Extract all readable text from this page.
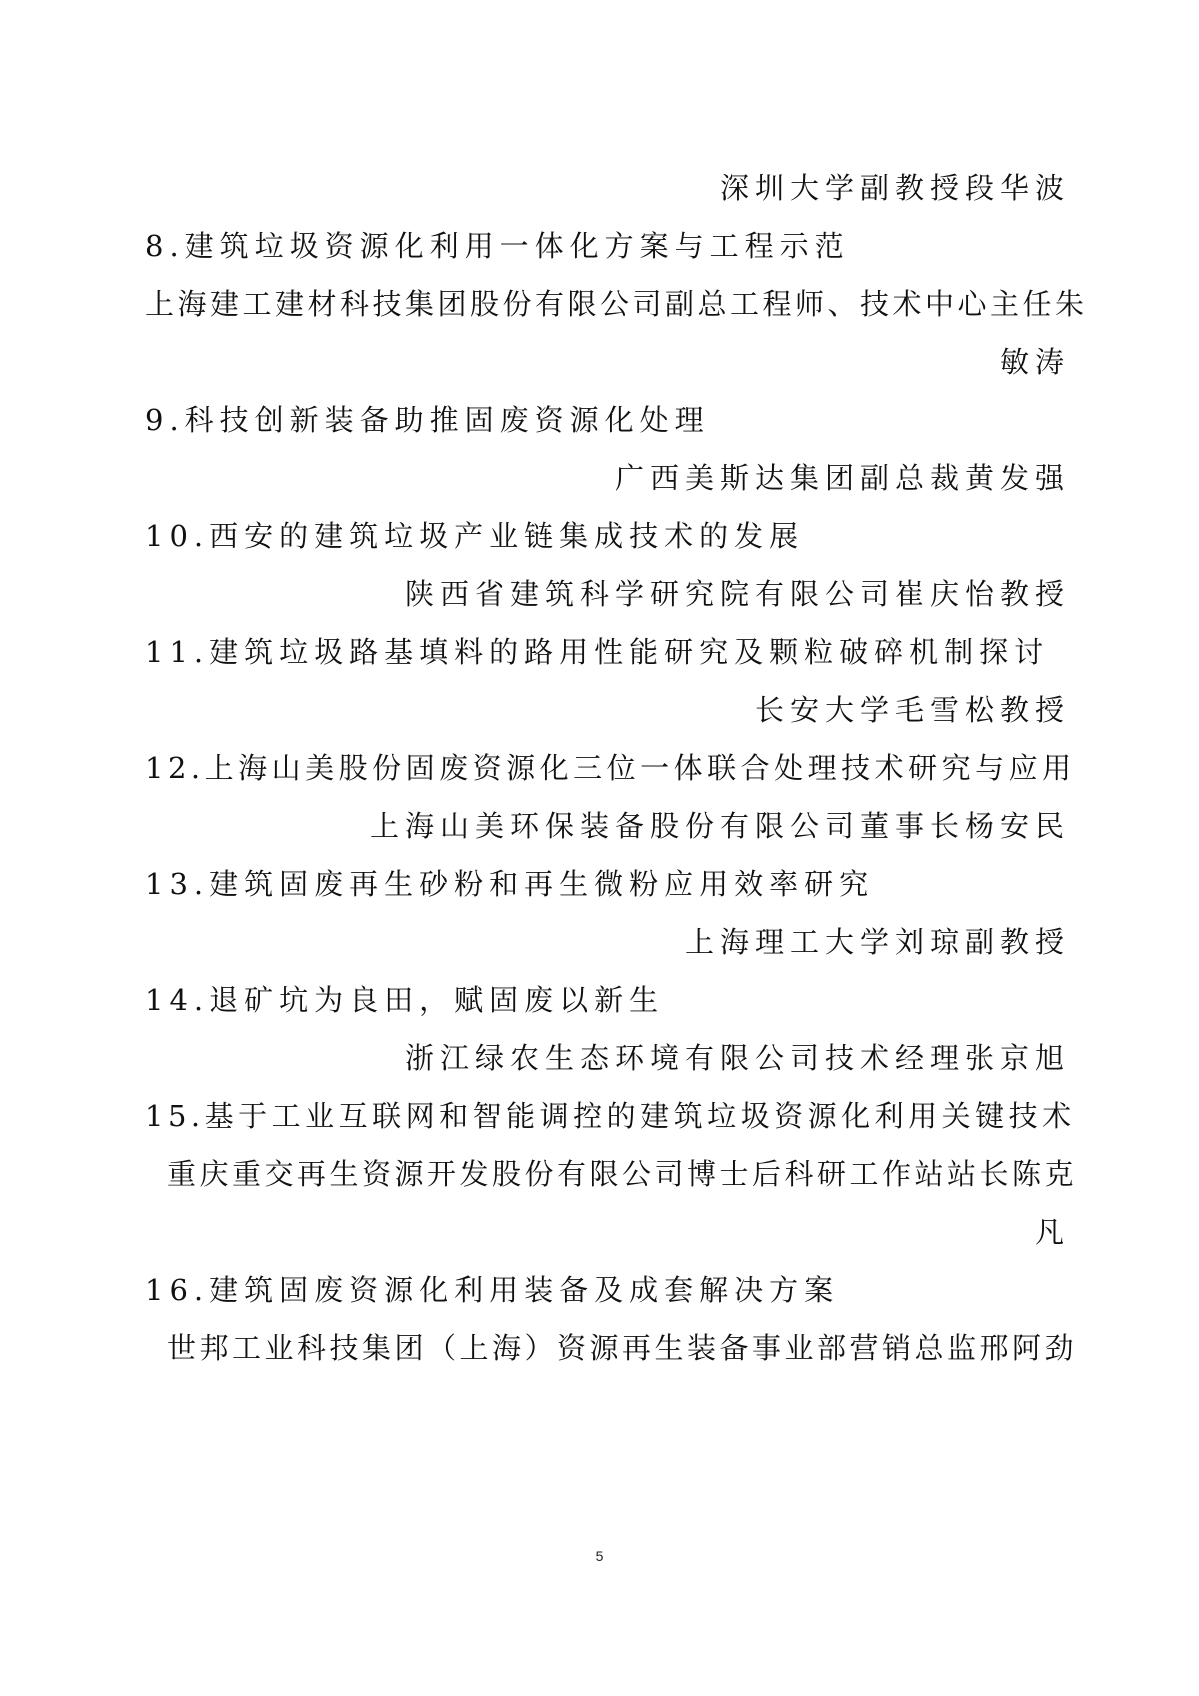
深圳大学副教授段华波
8.建筑垃圾资源化利用一体化方案与工程示范
上海建工建材科技集团股份有限公司副总工程师、技术中心主任朱
敏涛
9.科技创新装备助推固废资源化处理
广西美斯达集团副总裁黄发强
10.西安的建筑垃圾产业链集成技术的发展
陕西省建筑科学研究院有限公司崔庆怡教授
11.建筑垃圾路基填料的路用性能研究及颗粒破碎机制探讨
长安大学毛雪松教授
12.上海山美股份固废资源化三位一体联合处理技术研究与应用
上海山美环保装备股份有限公司董事长杨安民
13.建筑固废再生砂粉和再生微粉应用效率研究
上海理工大学刘琼副教授
14.退矿坑为良田，赋固废以新生
浙江绿农生态环境有限公司技术经理张京旭
15.基于工业互联网和智能调控的建筑垃圾资源化利用关键技术
重庆重交再生资源开发股份有限公司博士后科研工作站站长陈克
凡
16.建筑固废资源化利用装备及成套解决方案
世邦工业科技集团（上海）资源再生装备事业部营销总监邢阿劲
5
